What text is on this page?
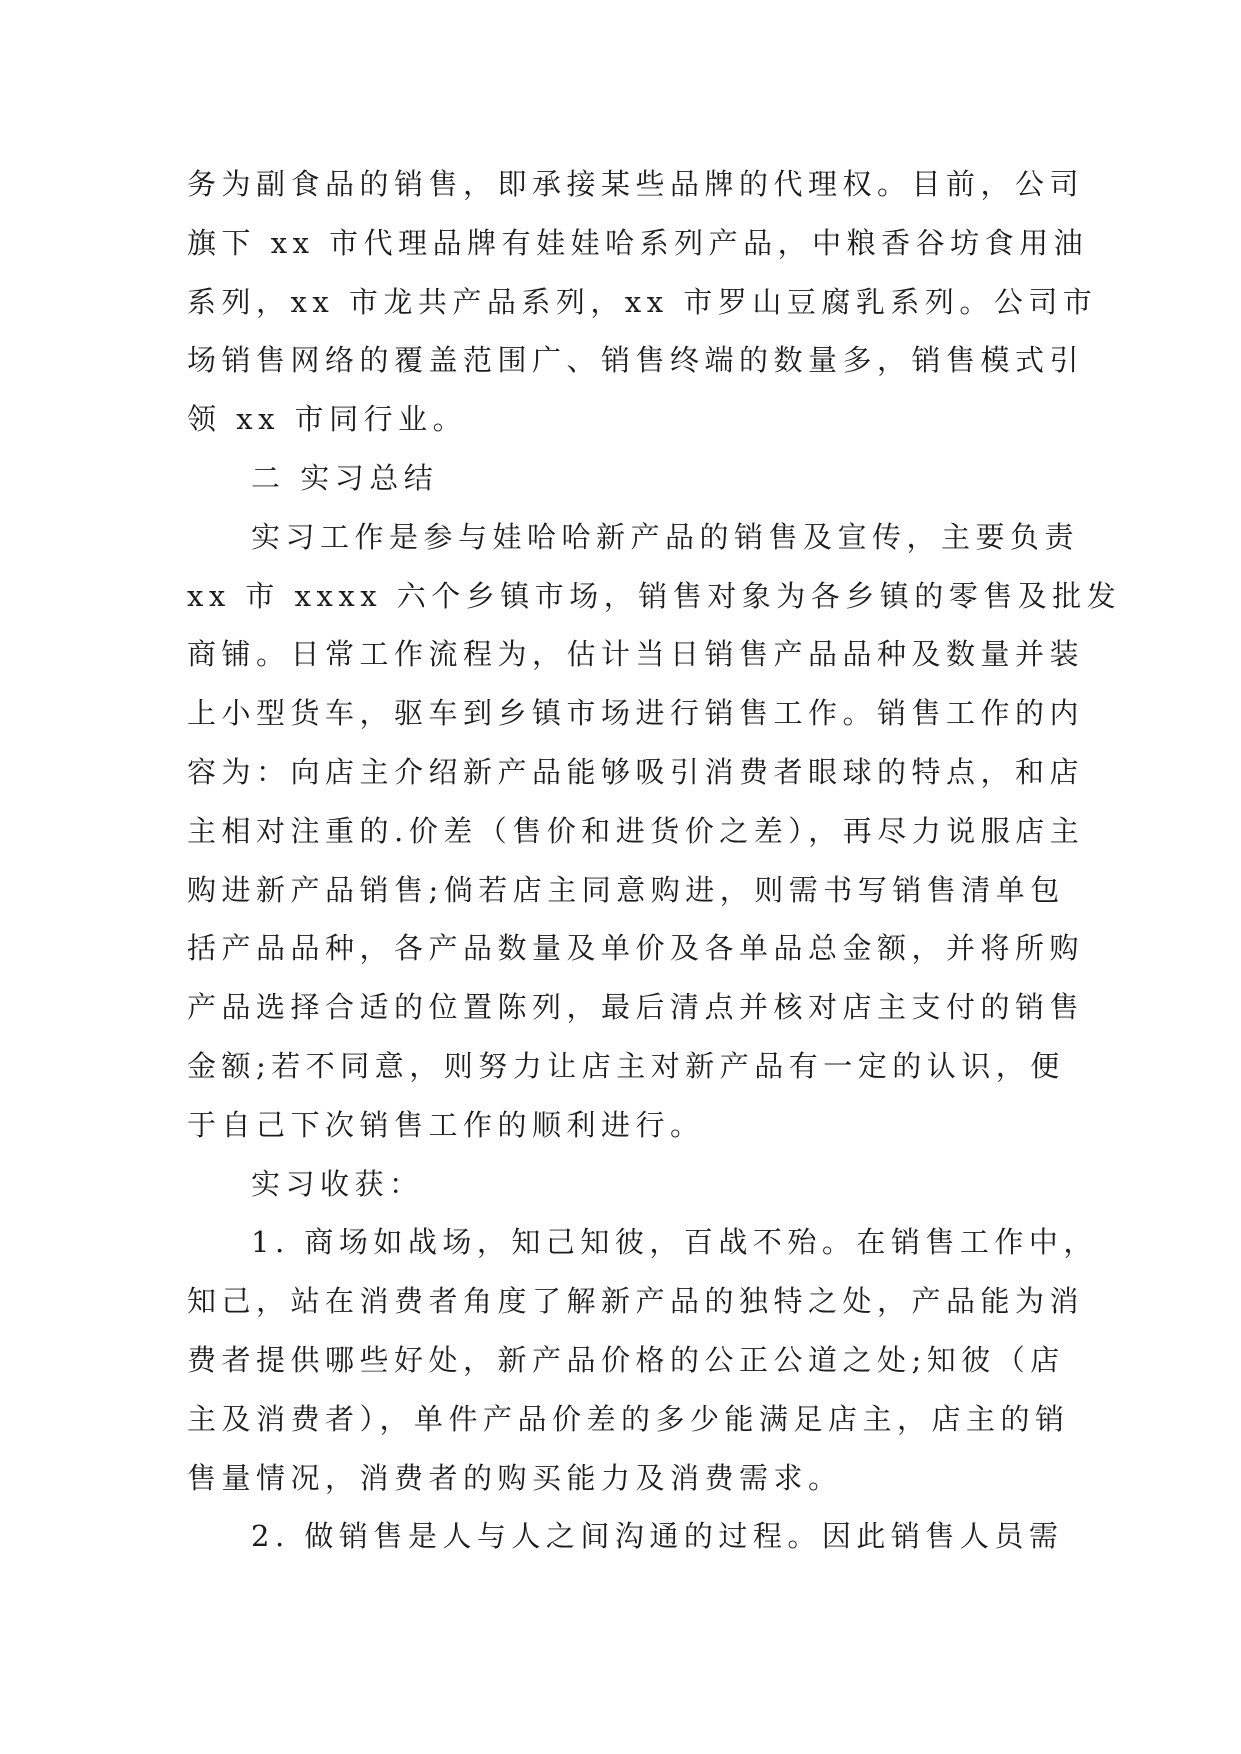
务为副食品的销售，即承接某些品牌的代理权。目前，公司
旗下 xx 市代理品牌有娃娃哈系列产品，中粮香谷坊食用油
系列，xx 市龙共产品系列，xx 市罗山豆腐乳系列。公司市
场销售网络的覆盖范围广、销售终端的数量多，销售模式引
领 xx 市同行业。
二 实习总结
实习工作是参与娃哈哈新产品的销售及宣传，主要负责
xx 市 xxxx 六个乡镇市场，销售对象为各乡镇的零售及批发
商铺。日常工作流程为，估计当日销售产品品种及数量并装
上小型货车，驱车到乡镇市场进行销售工作。销售工作的内
容为：向店主介绍新产品能够吸引消费者眼球的特点，和店
主相对注重的.价差（售价和进货价之差），再尽力说服店主
购进新产品销售;倘若店主同意购进，则需书写销售清单包
括产品品种，各产品数量及单价及各单品总金额，并将所购
产品选择合适的位置陈列，最后清点并核对店主支付的销售
金额;若不同意，则努力让店主对新产品有一定的认识，便
于自己下次销售工作的顺利进行。
实习收获：
1. 商场如战场，知己知彼，百战不殆。在销售工作中，
知己，站在消费者角度了解新产品的独特之处，产品能为消
费者提供哪些好处，新产品价格的公正公道之处;知彼（店
主及消费者），单件产品价差的多少能满足店主，店主的销
售量情况，消费者的购买能力及消费需求。
2. 做销售是人与人之间沟通的过程。因此销售人员需
